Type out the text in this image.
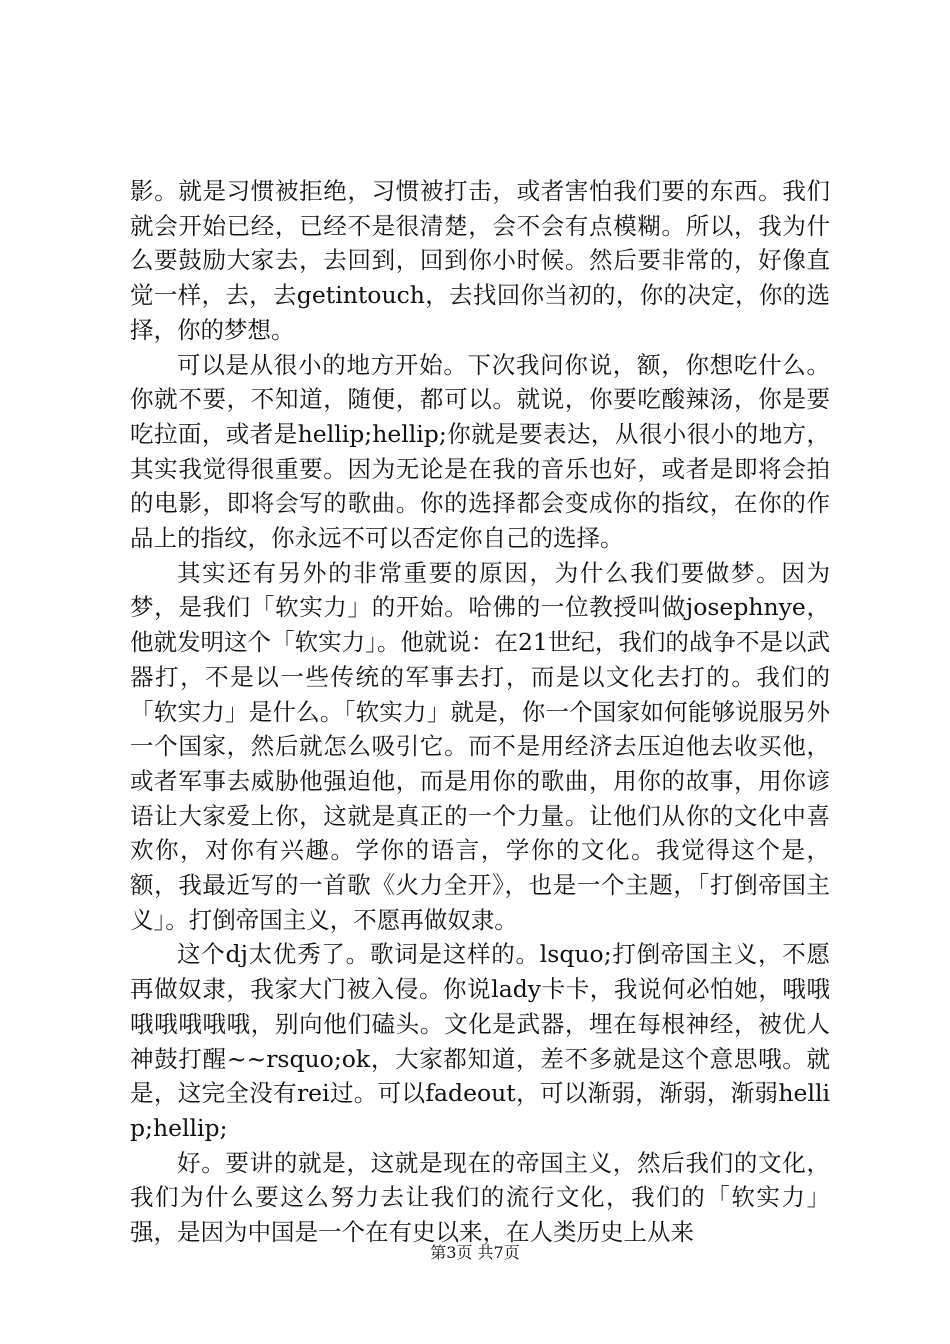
影。就是习惯被拒绝，习惯被打击，或者害怕我们要的东西。我们就会开始已经，已经不是很清楚，会不会有点模糊。所以，我为什么要鼓励大家去，去回到，回到你小时候。然后要非常的，好像直觉一样，去，去getintouch，去找回你当初的，你的决定，你的选择，你的梦想。

可以是从很小的地方开始。下次我问你说，额，你想吃什么。你就不要，不知道，随便，都可以。就说，你要吃酸辣汤，你是要吃拉面，或者是hellip;hellip;你就是要表达，从很小很小的地方，其实我觉得很重要。因为无论是在我的音乐也好，或者是即将会拍的电影，即将会写的歌曲。你的选择都会变成你的指纹，在你的作品上的指纹，你永远不可以否定你自己的选择。

其实还有另外的非常重要的原因，为什么我们要做梦。因为梦，是我们「软实力」的开始。哈佛的一位教授叫做josephnye，他就发明这个「软实力」。他就说：在21世纪，我们的战争不是以武器打，不是以一些传统的军事去打，而是以文化去打的。我们的「软实力」是什么。「软实力」就是，你一个国家如何能够说服另外一个国家，然后就怎么吸引它。而不是用经济去压迫他去收买他，或者军事去威胁他强迫他，而是用你的歌曲，用你的故事，用你谚语让大家爱上你，这就是真正的一个力量。让他们从你的文化中喜欢你，对你有兴趣。学你的语言，学你的文化。我觉得这个是，额，我最近写的一首歌《火力全开》，也是一个主题，「打倒帝国主义」。打倒帝国主义，不愿再做奴隶。

这个dj太优秀了。歌词是这样的。lsquo;打倒帝国主义，不愿再做奴隶，我家大门被入侵。你说lady卡卡，我说何必怕她，哦哦哦哦哦哦哦，别向他们磕头。文化是武器，埋在每根神经，被优人神鼓打醒~~rsquo;ok，大家都知道，差不多就是这个意思哦。就是，这完全没有rei过。可以fadeout，可以渐弱，渐弱，渐弱hellip;hellip;

好。要讲的就是，这就是现在的帝国主义，然后我们的文化，我们为什么要这么努力去让我们的流行文化，我们的「软实力」强，是因为中国是一个在有史以来，在人类历史上从来

第3页 共7页
